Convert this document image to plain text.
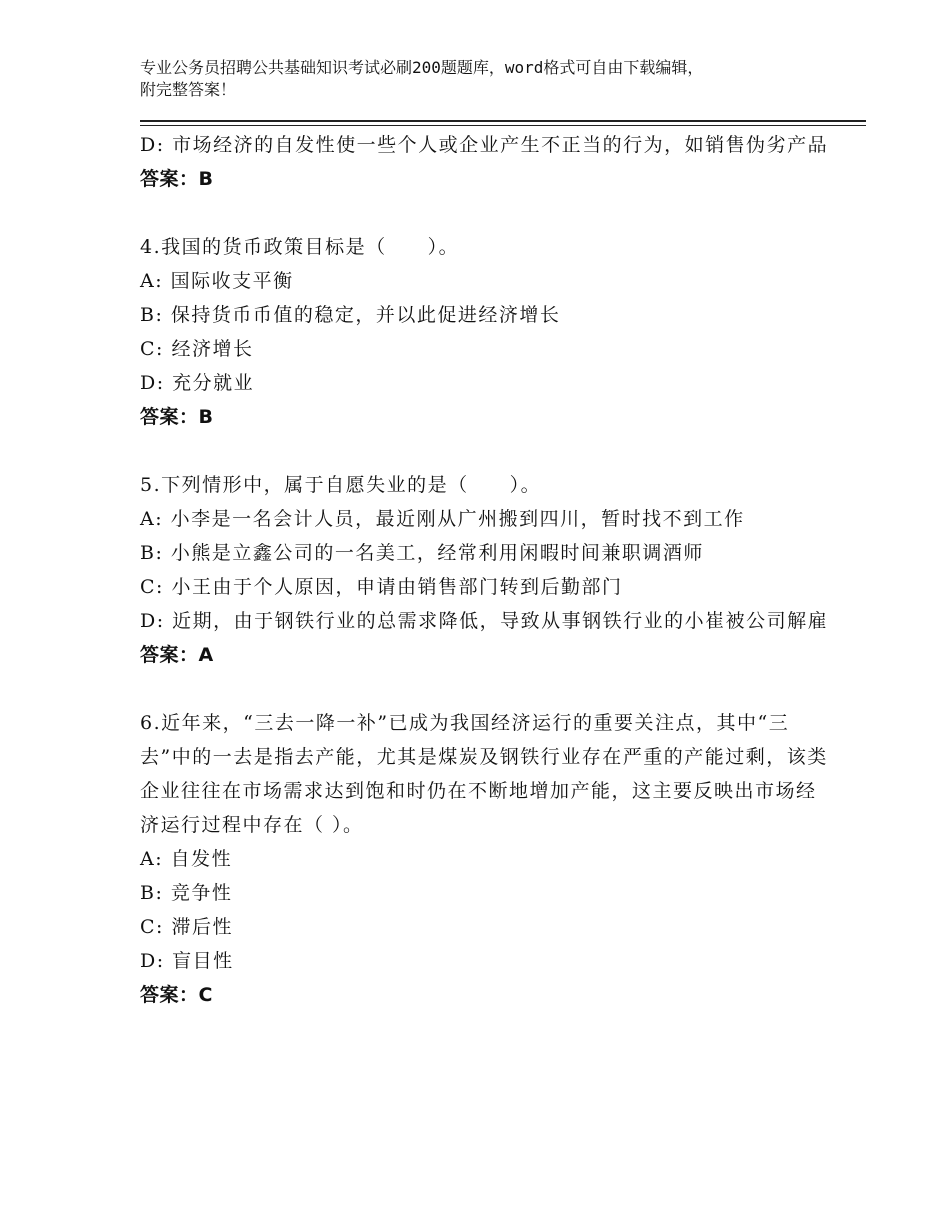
专业公务员招聘公共基础知识考试必刷200题题库，word格式可自由下载编辑，
附完整答案！
D: 市场经济的自发性使一些个人或企业产生不正当的行为，如销售伪劣产品
答案：B
4.我国的货币政策目标是（　　）。
A: 国际收支平衡
B: 保持货币币值的稳定，并以此促进经济增长
C: 经济增长
D: 充分就业
答案：B
5.下列情形中，属于自愿失业的是（　　）。
A: 小李是一名会计人员，最近刚从广州搬到四川，暂时找不到工作
B: 小熊是立鑫公司的一名美工，经常利用闲暇时间兼职调酒师
C: 小王由于个人原因，申请由销售部门转到后勤部门
D: 近期，由于钢铁行业的总需求降低，导致从事钢铁行业的小崔被公司解雇
答案：A
6.近年来，“三去一降一补”已成为我国经济运行的重要关注点，其中“三去”中的一去是指去产能，尤其是煤炭及钢铁行业存在严重的产能过剩，该类企业往往在市场需求达到饱和时仍在不断地增加产能，这主要反映出市场经济运行过程中存在（ ）。
A: 自发性
B: 竞争性
C: 滞后性
D: 盲目性
答案：C
